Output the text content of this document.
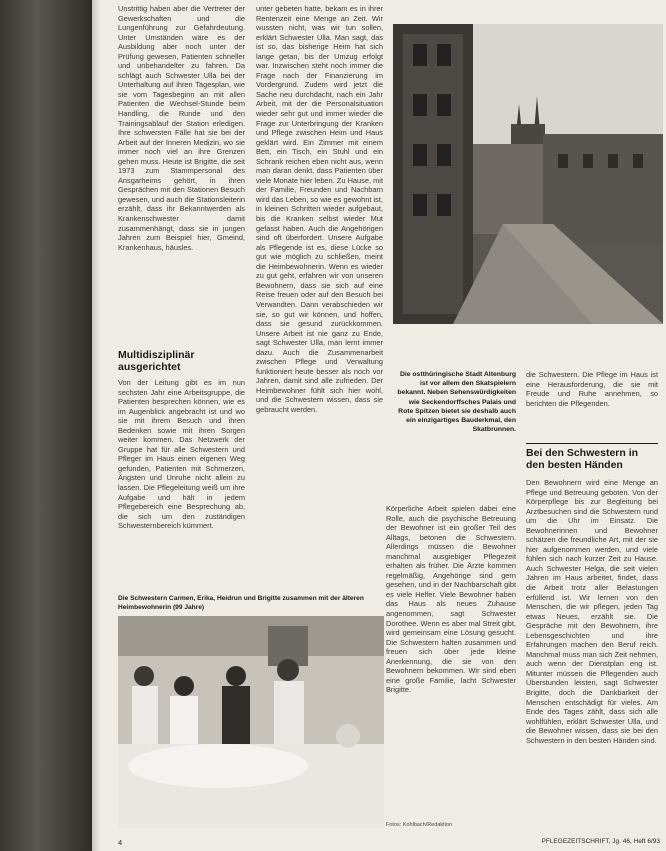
Unstrittig haben aber die Vertreter der Gewerkschaften und die Lungenführung zur Gefahrdeutung. Unter Umständen wäre es der Ausbildung aber noch unter der Prüfung gewesen, Patienten schneller und unbehandelter zu fahren. Da schlägt auch Schwester Ulla bei der Unterhaltung auf ihren Tagesplan, wie sie vom Tagesbeginn an mit allen Patienten die Wechsel-Stunde beim Handling, die Runde und den Trainingsablauf der Station erledigen. Ihre schwersten Fälle hat sie bei der Arbeit auf der Inneren Medizin, wo sie immer noch viel an ihre Grenzen gehen muss. Heute ist Brigitte, die seit 1973 zum Stammpersonal des Ansgarheims gehört, in ihren Gesprächen mit den Stationen Besuch gewesen, und auch die Stationsleiterin erzählt, dass ihr Bekanntwerden als Krankenschwester damit zusammenhängt, dass sie in jungen Jahren zum Beispiel hier, Gmeind, Krankenhaus, häusles.

Multidisziplinär ausgerichtet

Von der Leitung gibt es im nun sechsten Jahr eine Arbeitsgruppe, die Patienten besprechen können, wie es im Augenblick angebracht ist und wo sie mit ihrem Besuch und ihren Bedenken sowie mit ihren Sorgen weiter kommen. Das Netzwerk der Gruppe hat für alle Schwestern und Pfleger im Haus einen eigenen Weg gefunden, Patienten mit Schmerzen, Ängsten und Unruhe nicht allein zu lassen. Die Pflegeleitung weiß um ihre Aufgabe und hält in jedem Pflegebereich eine Besprechung ab, die sich um den zuständigen Schwesternbereich kümmert.

unter gebeten hatte, bekam es in ihrer Rentenzeit eine Menge an Zeit. Wir wussten nicht, was wir tun sollen, erklärt Schwester Ulla. Man sagt, das ist so, das bisherige Heim hat sich lange getan, bis der Umzug erfolgt war. Inzwischen steht noch immer die Frage nach der Finanzierung im Vordergrund. Zudem wird jetzt die Sache neu durchdacht, nach ein Jahr Arbeit, mit der die Personalsituation wieder sehr gut und immer wieder die Frage zur Unterbringung der Kranken und Pflege zwischen Heim und Haus geklärt wird. Ein Zimmer mit einem Bett, ein Tisch, ein Stuhl und ein Schrank reichen eben nicht aus, wenn man daran denkt, dass Patienten über viele Monate hier leben. Zu Hause, mit der Familie, Freunden und Nachbarn wird das Leben, so wie es gewohnt ist, in kleinen Schritten wieder aufgebaut, bis die Kranken selbst wieder Mut gefasst haben. Auch die Angehörigen sind oft überfordert. Unsere Aufgabe als Pflegende ist es, diese Lücke so gut wie möglich zu schließen, meint die Heimbewohnerin. Wenn es wieder zu gut geht, erfahren wir von unseren Bewohnern, dass sie sich auf eine Reise freuen oder auf den Besuch bei Verwandten. Dann verabschieden wir sie, so gut wir können, und hoffen, dass sie gesund zurückkommen. Unsere Arbeit ist nie ganz zu Ende, sagt Schwester Ulla, man lernt immer dazu. Auch die Zusammenarbeit zwischen Pflege und Verwaltung funktioniert heute besser als noch vor Jahren, damit sind alle zufrieden. Der Heimbewohner fühlt sich hier wohl, und die Schwestern wissen, dass sie gebraucht werden.

Körperliche Arbeit spielen dabei eine Rolle, auch die psychische Betreuung der Bewohner ist ein großer Teil des Alltags, betonen die Schwestern. Allerdings müssen die Bewohner manchmal ausgiebiger Pflegezeit erhalten als früher. Die Ärzte kommen regelmäßig, Angehörige sind gern gesehen, und in der Nachbarschaft gibt es viele Helfer. Viele Bewohner haben das Haus als neues Zuhause angenommen, sagt Schwester Dorothee. Wenn es aber mal Streit gibt, wird gemeinsam eine Lösung gesucht. Die Schwestern halten zusammen und freuen sich über jede kleine Anerkennung, die sie von den Bewohnern bekommen. Wir sind eben eine große Familie, lacht Schwester Brigitte.

Die ostthüringische Stadt Altenburg ist vor allem den Skatspielern bekannt. Neben Sehenswürdigkeiten wie Seckendorffsches Palais und Rote Spitzen bietet sie deshalb auch ein einzigartiges Bauderkmal, den Skatbrunnen.

die Schwestern. Die Pflege im Haus ist eine Herausforderung, die sie mit Freude und Ruhe annehmen, so berichten die Pflegenden.

Bei den Schwestern in den besten Händen

Den Bewohnern wird eine Menge an Pflege und Betreuung geboten. Von der Körperpflege bis zur Begleitung bei Arztbesuchen sind die Schwestern rund um die Uhr im Einsatz. Die Bewohnerinnen und Bewohner schätzen die freundliche Art, mit der sie hier aufgenommen werden, und viele fühlen sich nach kurzer Zeit zu Hause. Auch Schwester Helga, die seit vielen Jahren im Haus arbeitet, findet, dass die Arbeit trotz aller Belastungen erfüllend ist. Wir lernen von den Menschen, die wir pflegen, jeden Tag etwas Neues, erzählt sie. Die Gespräche mit den Bewohnern, ihre Lebensgeschichten und ihre Erfahrungen machen den Beruf reich. Manchmal muss man sich Zeit nehmen, auch wenn der Dienstplan eng ist. Mitunter müssen die Pflegenden auch Überstunden leisten, sagt Schwester Brigitte, doch die Dankbarkeit der Menschen entschädigt für vieles. Am Ende des Tages zählt, dass sich alle wohlfühlen, erklärt Schwester Ulla, und die Bewohner wissen, dass sie bei den Schwestern in den besten Händen sind.

Die Schwestern Carmen, Erika, Heidrun und Brigitte zusammen mit der älteren Heimbewohnerin (99 Jahre)
Fotos: Kohlbach/Redaktion
4	PFLEGEZEITSCHRIFT, Jg. 46, Heft 6/93
